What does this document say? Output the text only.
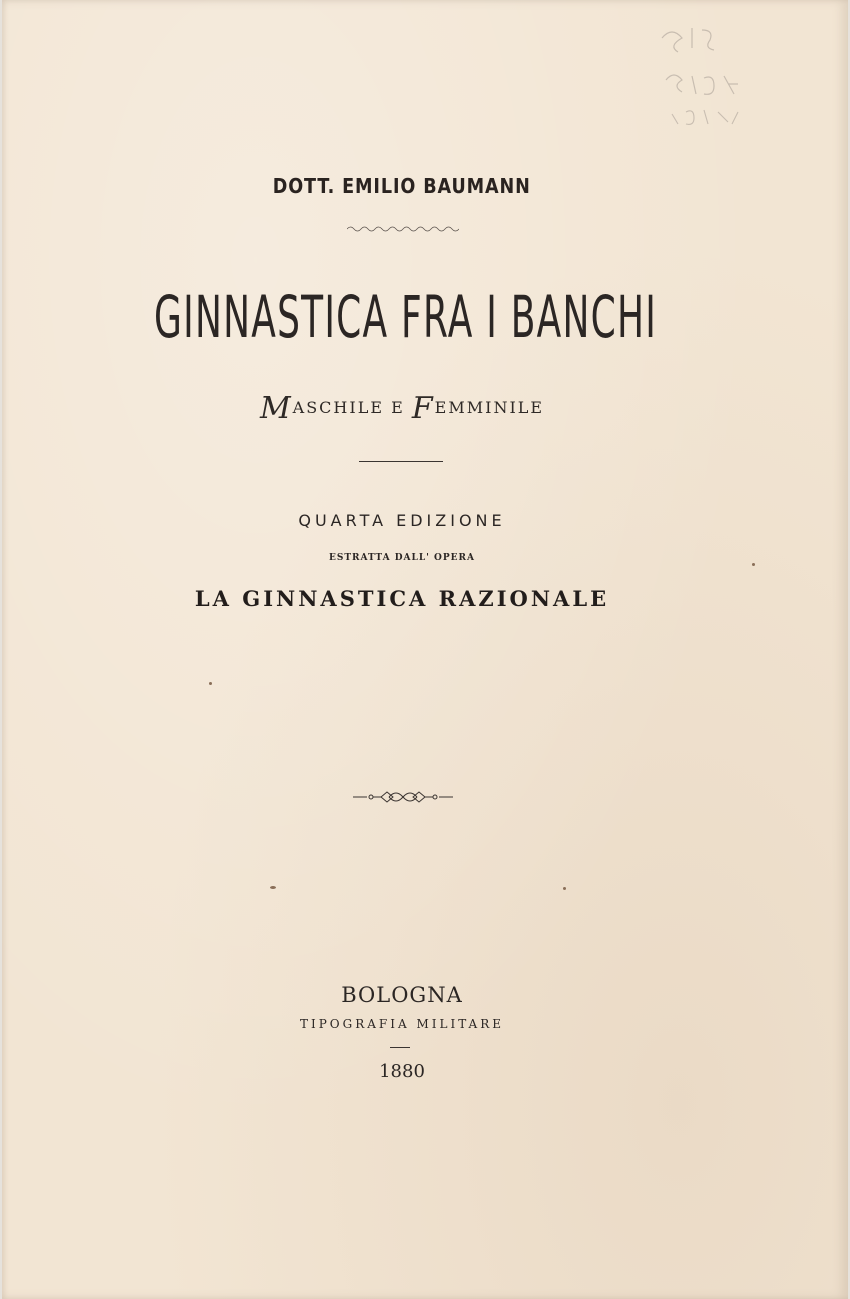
DOTT. EMILIO BAUMANN
GINNASTICA FRA I BANCHI
MASCHILE E FEMMINILE
QUARTA EDIZIONE
ESTRATTA DALL' OPERA
LA GINNASTICA RAZIONALE
BOLOGNA
TIPOGRAFIA MILITARE
1880
